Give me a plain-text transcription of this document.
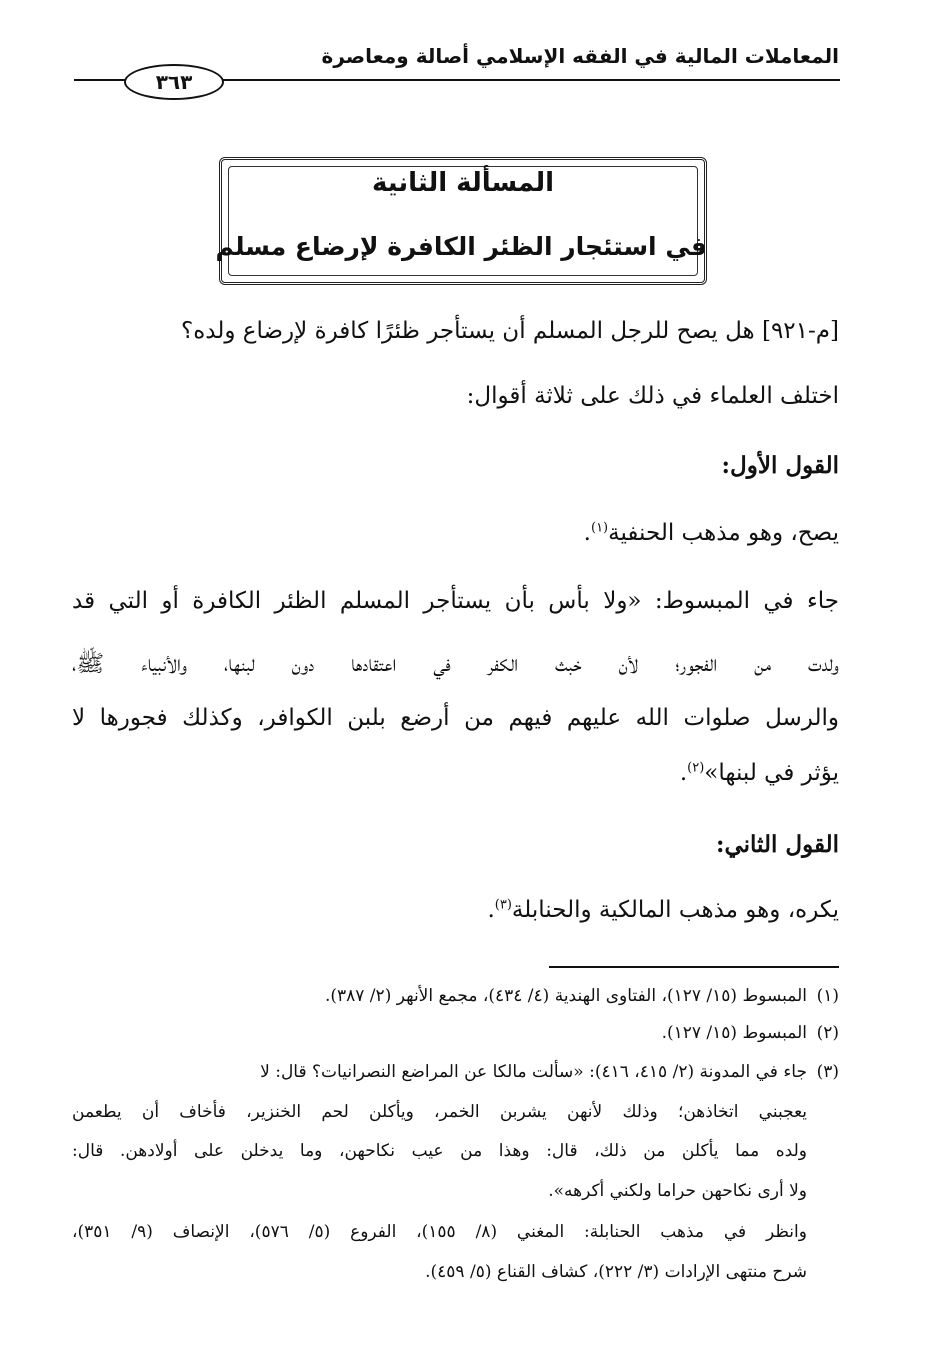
المعاملات المالية في الفقه الإسلامي أصالة ومعاصرة
٣٦٣
المسألة الثانية
في استئجار الظئر الكافرة لإرضاع مسلم
[م-٩٢١] هل يصح للرجل المسلم أن يستأجر ظئرًا كافرة لإرضاع ولده؟
اختلف العلماء في ذلك على ثلاثة أقوال:
القول الأول:
يصح، وهو مذهب الحنفية$^{(١)}$.
جاء في المبسوط: «ولا بأس بأن يستأجر المسلم الظئر الكافرة أو التي قد
ولدت من الفجور؛ لأن خبث الكفر في اعتقادها دون لبنها، والأنبياء ﷺ،
والرسل صلوات الله عليهم فيهم من أرضع بلبن الكوافر، وكذلك فجورها لا
يؤثر في لبنها»$^{(٢)}$.
القول الثاني:
يكره، وهو مذهب المالكية والحنابلة$^{(٣)}$.
(١)المبسوط (١٥/ ١٢٧)، الفتاوى الهندية (٤/ ٤٣٤)، مجمع الأنهر (٢/ ٣٨٧).
(٢)المبسوط (١٥/ ١٢٧).
(٣)جاء في المدونة (٢/ ٤١٥، ٤١٦): «سألت مالكا عن المراضع النصرانيات؟ قال: لا
يعجبني اتخاذهن؛ وذلك لأنهن يشربن الخمر، ويأكلن لحم الخنزير، فأخاف أن يطعمن
ولده مما يأكلن من ذلك، قال: وهذا من عيب نكاحهن، وما يدخلن على أولادهن. قال:
ولا أرى نكاحهن حراما ولكني أكرهه».
وانظر في مذهب الحنابلة: المغني (٨/ ١٥٥)، الفروع (٥/ ٥٧٦)، الإنصاف (٩/ ٣٥١)،
شرح منتهى الإرادات (٣/ ٢٢٢)، كشاف القناع (٥/ ٤٥٩).
